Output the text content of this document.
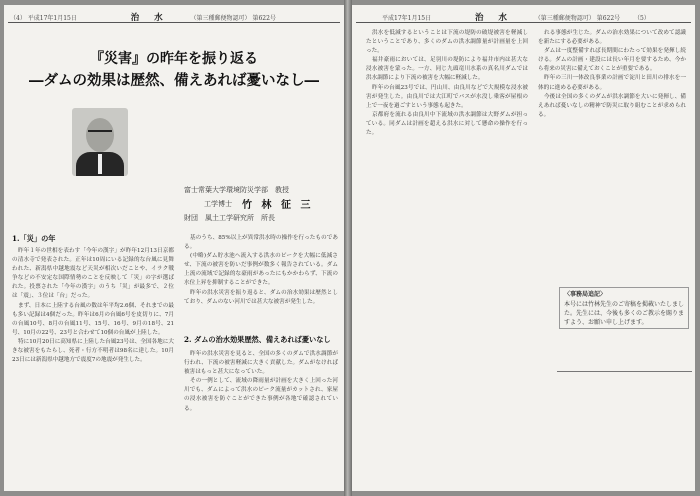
（4） 平成17年1月15日	治 水	（第三種郵便物認可） 第622号
『災害』の昨年を振り返る
―ダムの効果は歴然、備えあれば憂いなし―
富士常葉大学環境防災学部　教授
工学博士 竹 林 征 三
財団　風土工学研究所　所長
1.「災」の年

昨年１年の世相を表わす「今年の漢字」が昨年12月13日京都の清水寺で発表された。正年は10周にいる記録的な台風に見舞われた、新潟県中越地震など天災が相次いだことや、イラク戦争などの不安定な国際情勢のことを反映して「災」の字が選ばれた。投票された「今年の漢字」のうち「災」が最多で、２位は「震」、３位は「台」だった。

まず、日本に上陸する台風の数は年平均2.6個、それまでの最も多い記録は4個だった。昨年は6月の台風6号を皮切りに、7月の台風10号、8月の台風11号、15号、16号、9月の18号、21号、10月の22号、23号と合わせて10個の台風が上陸した。

特に10月20日に高知県に上陸した台風23号は、全国各地に大きな被害をもたらし、死者・行方不明者は98名に達した。10月23日には新潟県中越地方で震度7の地震が発生した。

基のうち、85%以上が異常洪水時の操作を行ったものである。

(中略)ダム貯水池へ流入する洪水のピークを大幅に低減させ、下流の被害を防いだ事例が数多く報告されている。ダム上流の流域で記録的な豪雨があったにもかかわらず、下流の水位上昇を抑制することができた。

昨年の洪水災害を振り返ると、ダムの治水効果は歴然としており、ダムのない河川では甚大な被害が発生した。

2. ダムの治水効果歴然、備えあれば憂いなし

昨年の洪水災害を見ると、全国の多くのダムで洪水調節が行われ、下流の被害軽減に大きく貢献した。ダムがなければ被害はもっと甚大になっていた。

その一例として、流域の降雨量が計画を大きく上回った河川でも、ダムによって洪水のピーク流量がカットされ、家屋の浸水被害を防ぐことができた事例が各地で確認されている。

平成17年1月15日	治 水	（第三種郵便物認可） 第622号 （5）

洪水を低減するということは下流の堤防の破堤被害を軽減したということであり、多くのダムの洪水調節量が計画量を上回った。

福井豪雨においては、足羽川の堤防により福井市内は甚大な浸水被害を蒙った。一方、同じ九頭竜川水系の真名川ダムでは洪水調節により下流の被害を大幅に軽減した。

昨年の台風23号では、円山川、由良川などで大規模な浸水被害が発生した。由良川では大江町でバスが水没し乗客が屋根の上で一夜を過ごすという事態も起きた。

京都府を流れる由良川中下流域の洪水調節は大野ダムが担っている。同ダムは計画を超える洪水に対して懸命の操作を行った。

れる事態が生じた。ダムの治水効果について改めて認識を新たにする必要がある。

ダムは一度整備すれば長期間にわたって効果を発揮し続ける。ダムの計画・建設には長い年月を要するため、今から将来の災害に備えておくことが重要である。

昨年の三川一体改良事業の計画で淀川と田川の排水を一体的に進める必要がある。

今後は全国の多くのダムが洪水調節を大いに発揮し、備えあれば憂いなしの精神で防災に取り組むことが求められる。

〈事務局追記〉
本号には竹林先生のご寄稿を掲載いたしました。先生には、今後も多くのご教示を賜りますよう、お願い申し上げます。
